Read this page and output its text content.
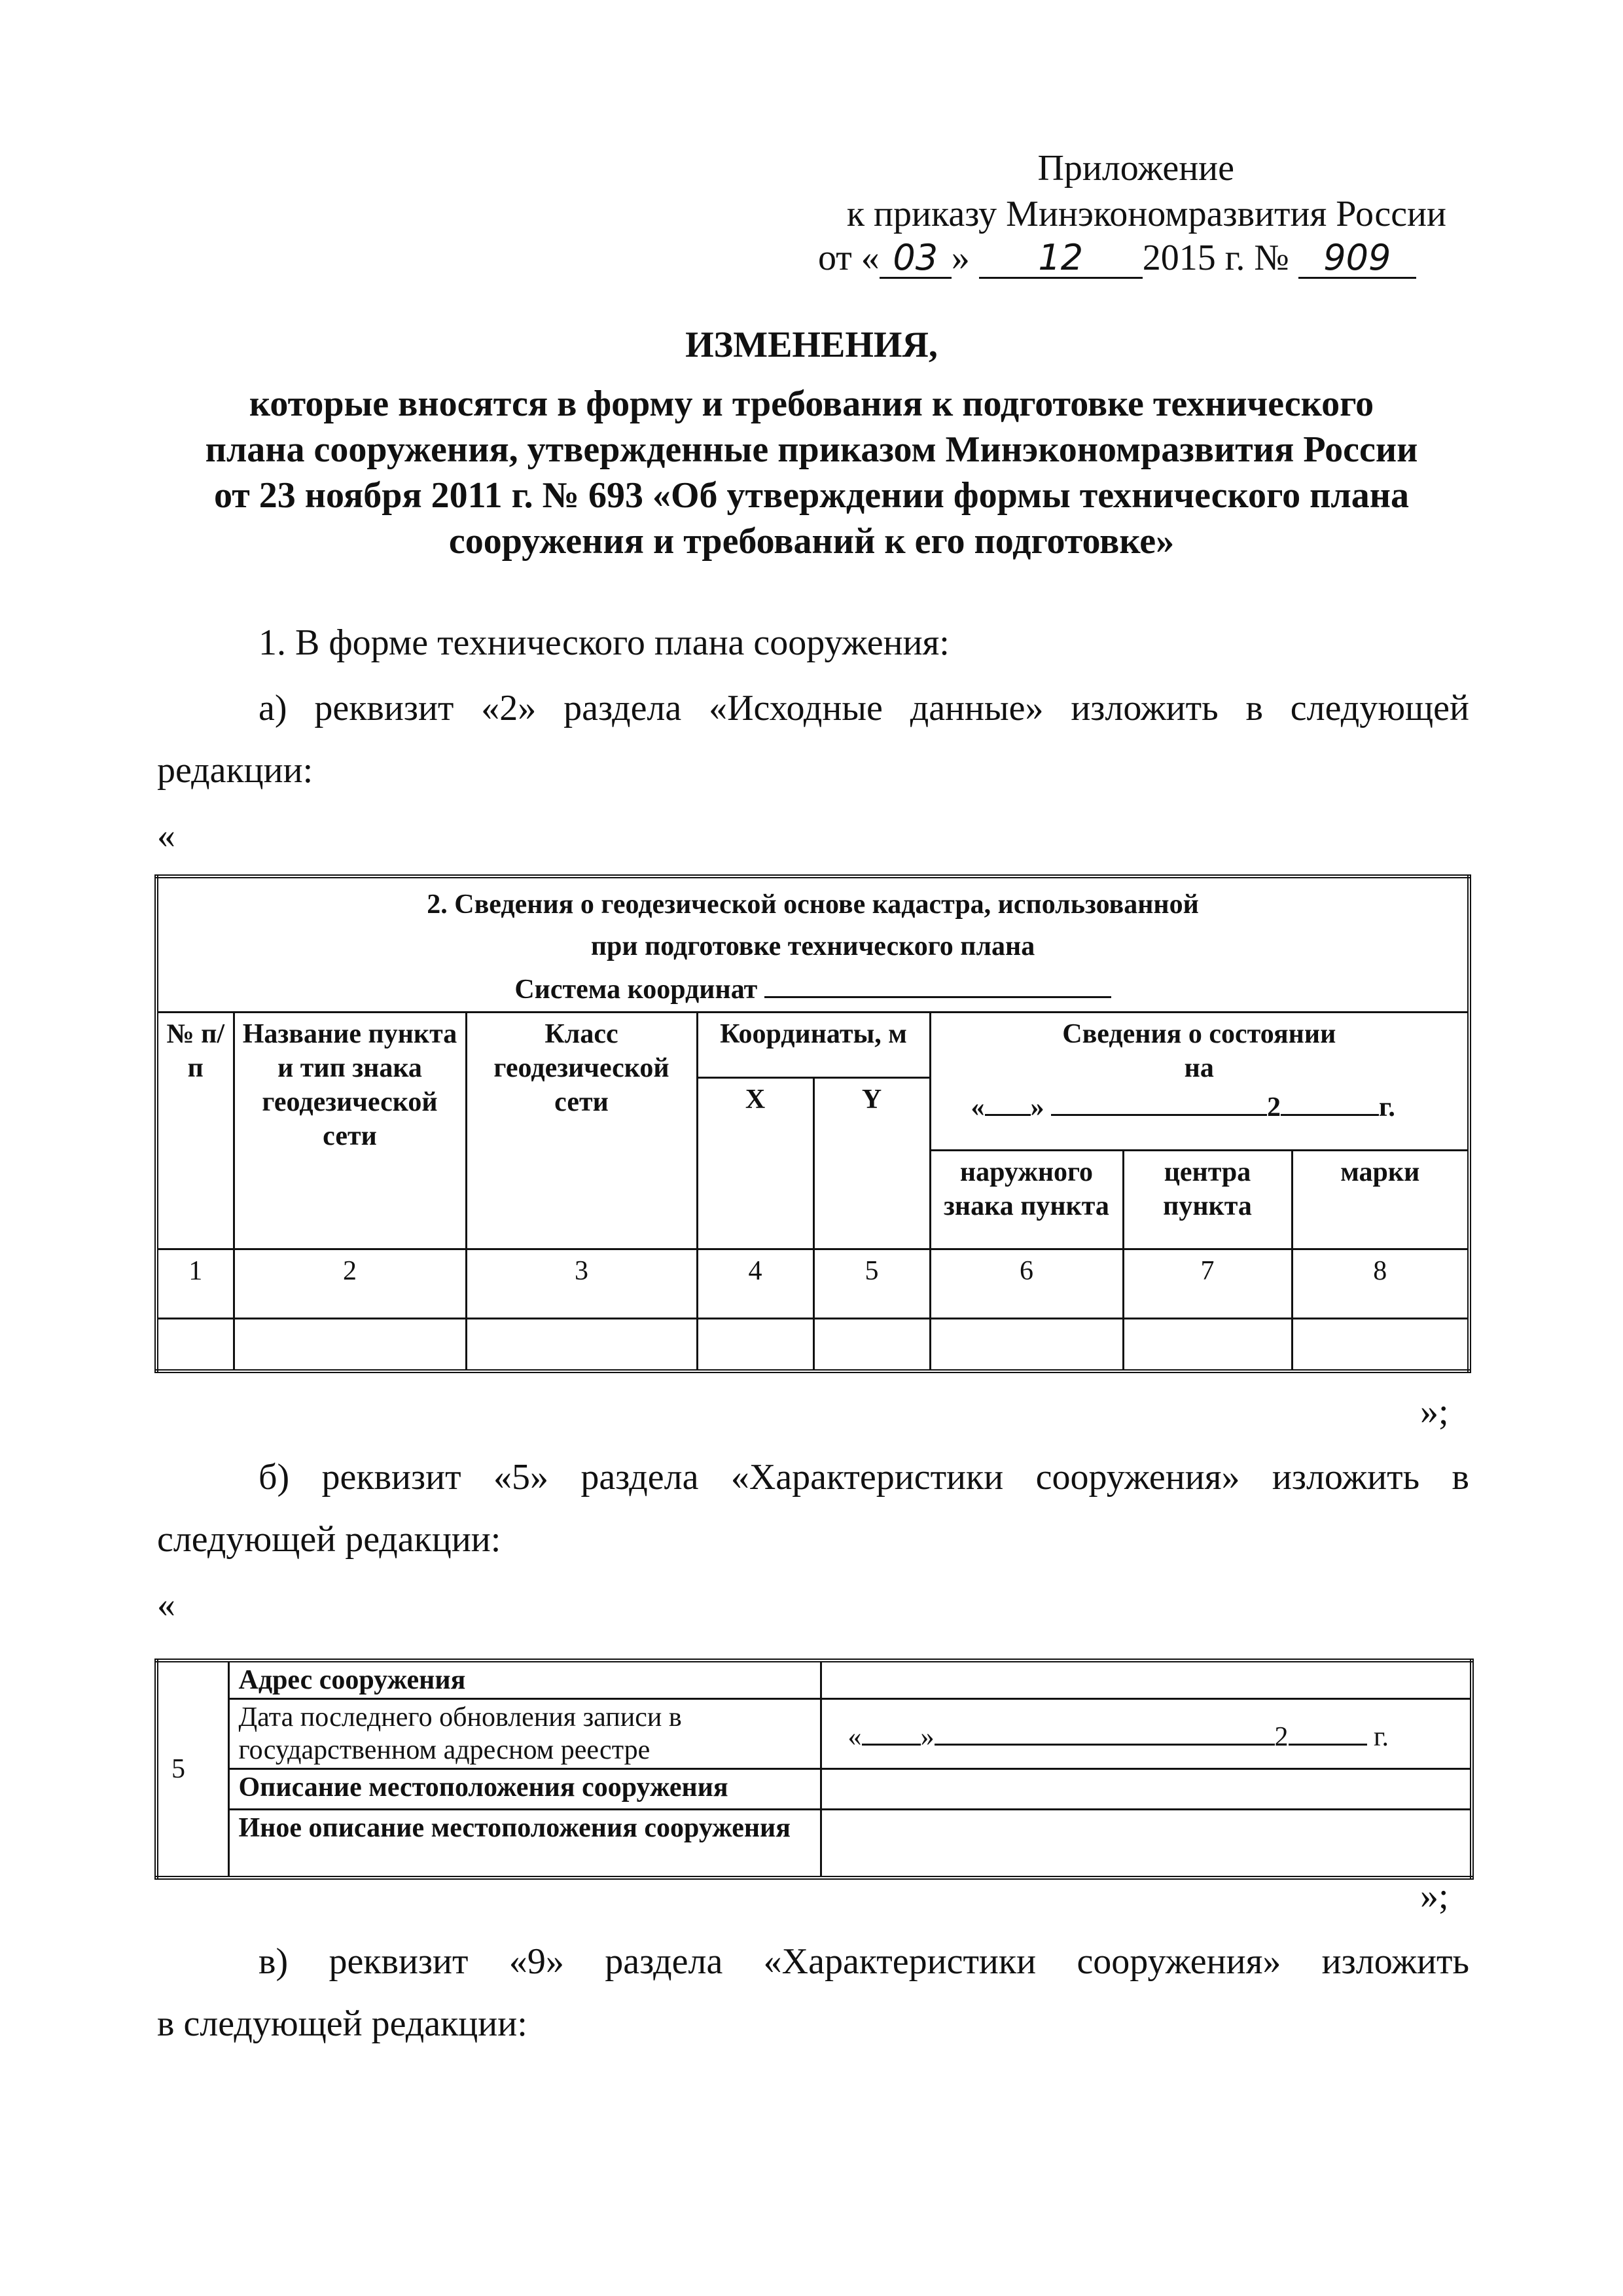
Приложение
к приказу Минэкономразвития России
от « 03 » 12 2015 г. № 909
ИЗМЕНЕНИЯ,
которые вносятся в форму и требования к подготовке технического
плана сооружения, утвержденные приказом Минэкономразвития России
от 23 ноября 2011 г. № 693 «Об утверждении формы технического плана
сооружения и требований к его подготовке»
1. В форме технического плана сооружения:
а) реквизит «2» раздела «Исходные данные» изложить в следующей
редакции:
«
2. Сведения о геодезической основе кадастра, использованной
при подготовке технического плана
Система координат							

№ п/п	Название пункта и тип знака геодезической сети	Класс геодезической сети	Координаты, м		Сведения о состоянии
на
« » 2 г.		

			X	Y			
					наружного знака пункта	центра пункта	марки
1	2	3	4	5	6	7	8

»;
б) реквизит «5» раздела «Характеристики сооружения» изложить в
следующей редакции:
«
5	Адрес сооружения	
	Дата последнего обновления записи в государственном адресном реестре	« » 2 г.
	Описание местоположения сооружения	
	Иное описание местоположения сооружения	
»;
в) реквизит «9» раздела «Характеристики сооружения» изложить
в следующей редакции:
